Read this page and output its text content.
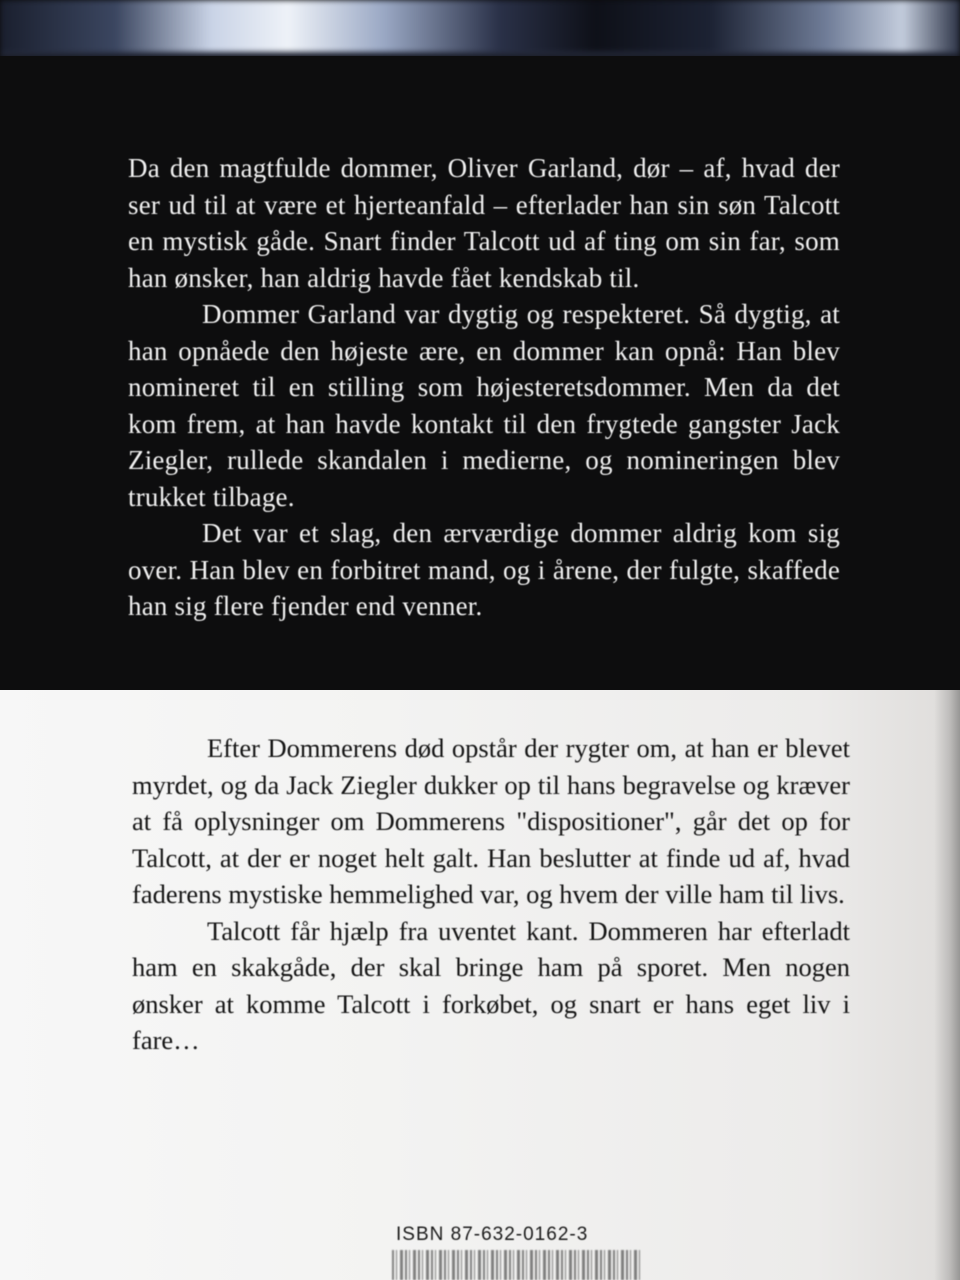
Da den magtfulde dommer, Oliver Garland, dør – af, hvad der ser ud til at være et hjerteanfald – efterlader han sin søn Talcott en mystisk gåde. Snart finder Talcott ud af ting om sin far, som han ønsker, han aldrig havde fået kendskab til.

Dommer Garland var dygtig og respekteret. Så dygtig, at han opnåede den højeste ære, en dommer kan opnå: Han blev nomineret til en stilling som højesteretsdommer. Men da det kom frem, at han havde kontakt til den frygtede gangster Jack Ziegler, rullede skandalen i medierne, og nomineringen blev trukket tilbage.

Det var et slag, den ærværdige dommer aldrig kom sig over. Han blev en forbitret mand, og i årene, der fulgte, skaffede han sig flere fjender end venner.

Efter Dommerens død opstår der rygter om, at han er blevet myrdet, og da Jack Ziegler dukker op til hans begravelse og kræver at få oplysninger om Dommerens "dispositioner", går det op for Talcott, at der er noget helt galt. Han beslutter at finde ud af, hvad faderens mystiske hemmelighed var, og hvem der ville ham til livs.

Talcott får hjælp fra uventet kant. Dommeren har efterladt ham en skakgåde, der skal bringe ham på sporet. Men nogen ønsker at komme Talcott i forkøbet, og snart er hans eget liv i fare…

ISBN 87-632-0162-3
